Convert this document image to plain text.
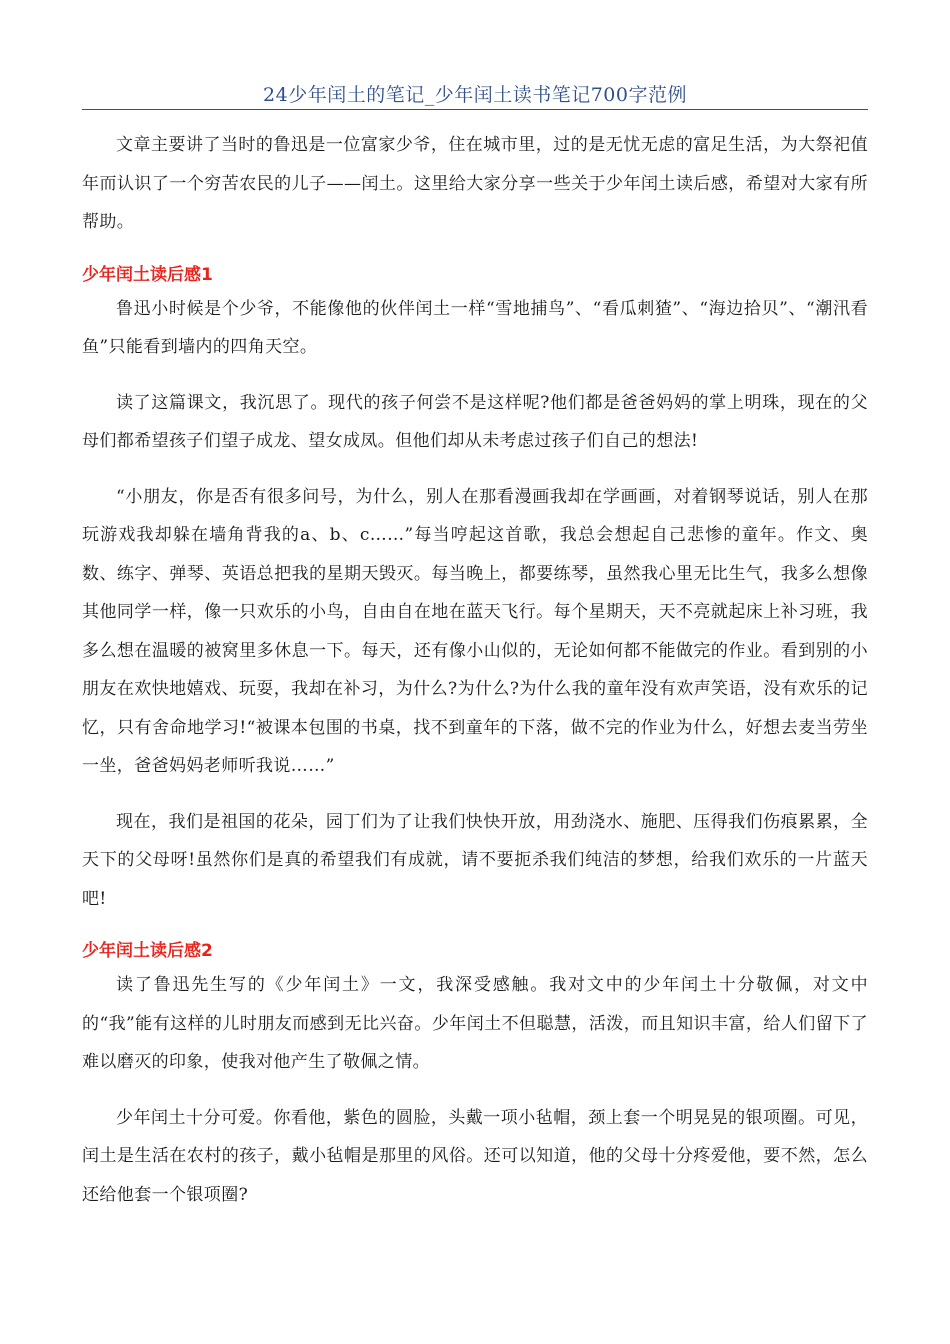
24少年闰土的笔记_少年闰土读书笔记700字范例

文章主要讲了当时的鲁迅是一位富家少爷，住在城市里，过的是无忧无虑的富足生活，为大祭祀值年而认识了一个穷苦农民的儿子——闰土。这里给大家分享一些关于少年闰土读后感，希望对大家有所帮助。

少年闰土读后感1

鲁迅小时候是个少爷，不能像他的伙伴闰土一样“雪地捕鸟”、“看瓜刺猹”、“海边拾贝”、“潮汛看鱼”只能看到墙内的四角天空。

读了这篇课文，我沉思了。现代的孩子何尝不是这样呢?他们都是爸爸妈妈的掌上明珠，现在的父母们都希望孩子们望子成龙、望女成凤。但他们却从未考虑过孩子们自己的想法!

“小朋友，你是否有很多问号，为什么，别人在那看漫画我却在学画画，对着钢琴说话，别人在那玩游戏我却躲在墙角背我的a、b、c……”每当哼起这首歌，我总会想起自己悲惨的童年。作文、奥数、练字、弹琴、英语总把我的星期天毁灭。每当晚上，都要练琴，虽然我心里无比生气，我多么想像其他同学一样，像一只欢乐的小鸟，自由自在地在蓝天飞行。每个星期天，天不亮就起床上补习班，我多么想在温暖的被窝里多休息一下。每天，还有像小山似的，无论如何都不能做完的作业。看到别的小朋友在欢快地嬉戏、玩耍，我却在补习，为什么?为什么?为什么我的童年没有欢声笑语，没有欢乐的记忆，只有舍命地学习!“被课本包围的书桌，找不到童年的下落，做不完的作业为什么，好想去麦当劳坐一坐，爸爸妈妈老师听我说……”

现在，我们是祖国的花朵，园丁们为了让我们快快开放，用劲浇水、施肥、压得我们伤痕累累，全天下的父母呀!虽然你们是真的希望我们有成就，请不要扼杀我们纯洁的梦想，给我们欢乐的一片蓝天吧!

少年闰土读后感2

读了鲁迅先生写的《少年闰土》一文，我深受感触。我对文中的少年闰土十分敬佩，对文中的“我”能有这样的儿时朋友而感到无比兴奋。少年闰土不但聪慧，活泼，而且知识丰富，给人们留下了难以磨灭的印象，使我对他产生了敬佩之情。

少年闰土十分可爱。你看他，紫色的圆脸，头戴一项小毡帽，颈上套一个明晃晃的银项圈。可见，闰土是生活在农村的孩子，戴小毡帽是那里的风俗。还可以知道，他的父母十分疼爱他，要不然，怎么还给他套一个银项圈?
